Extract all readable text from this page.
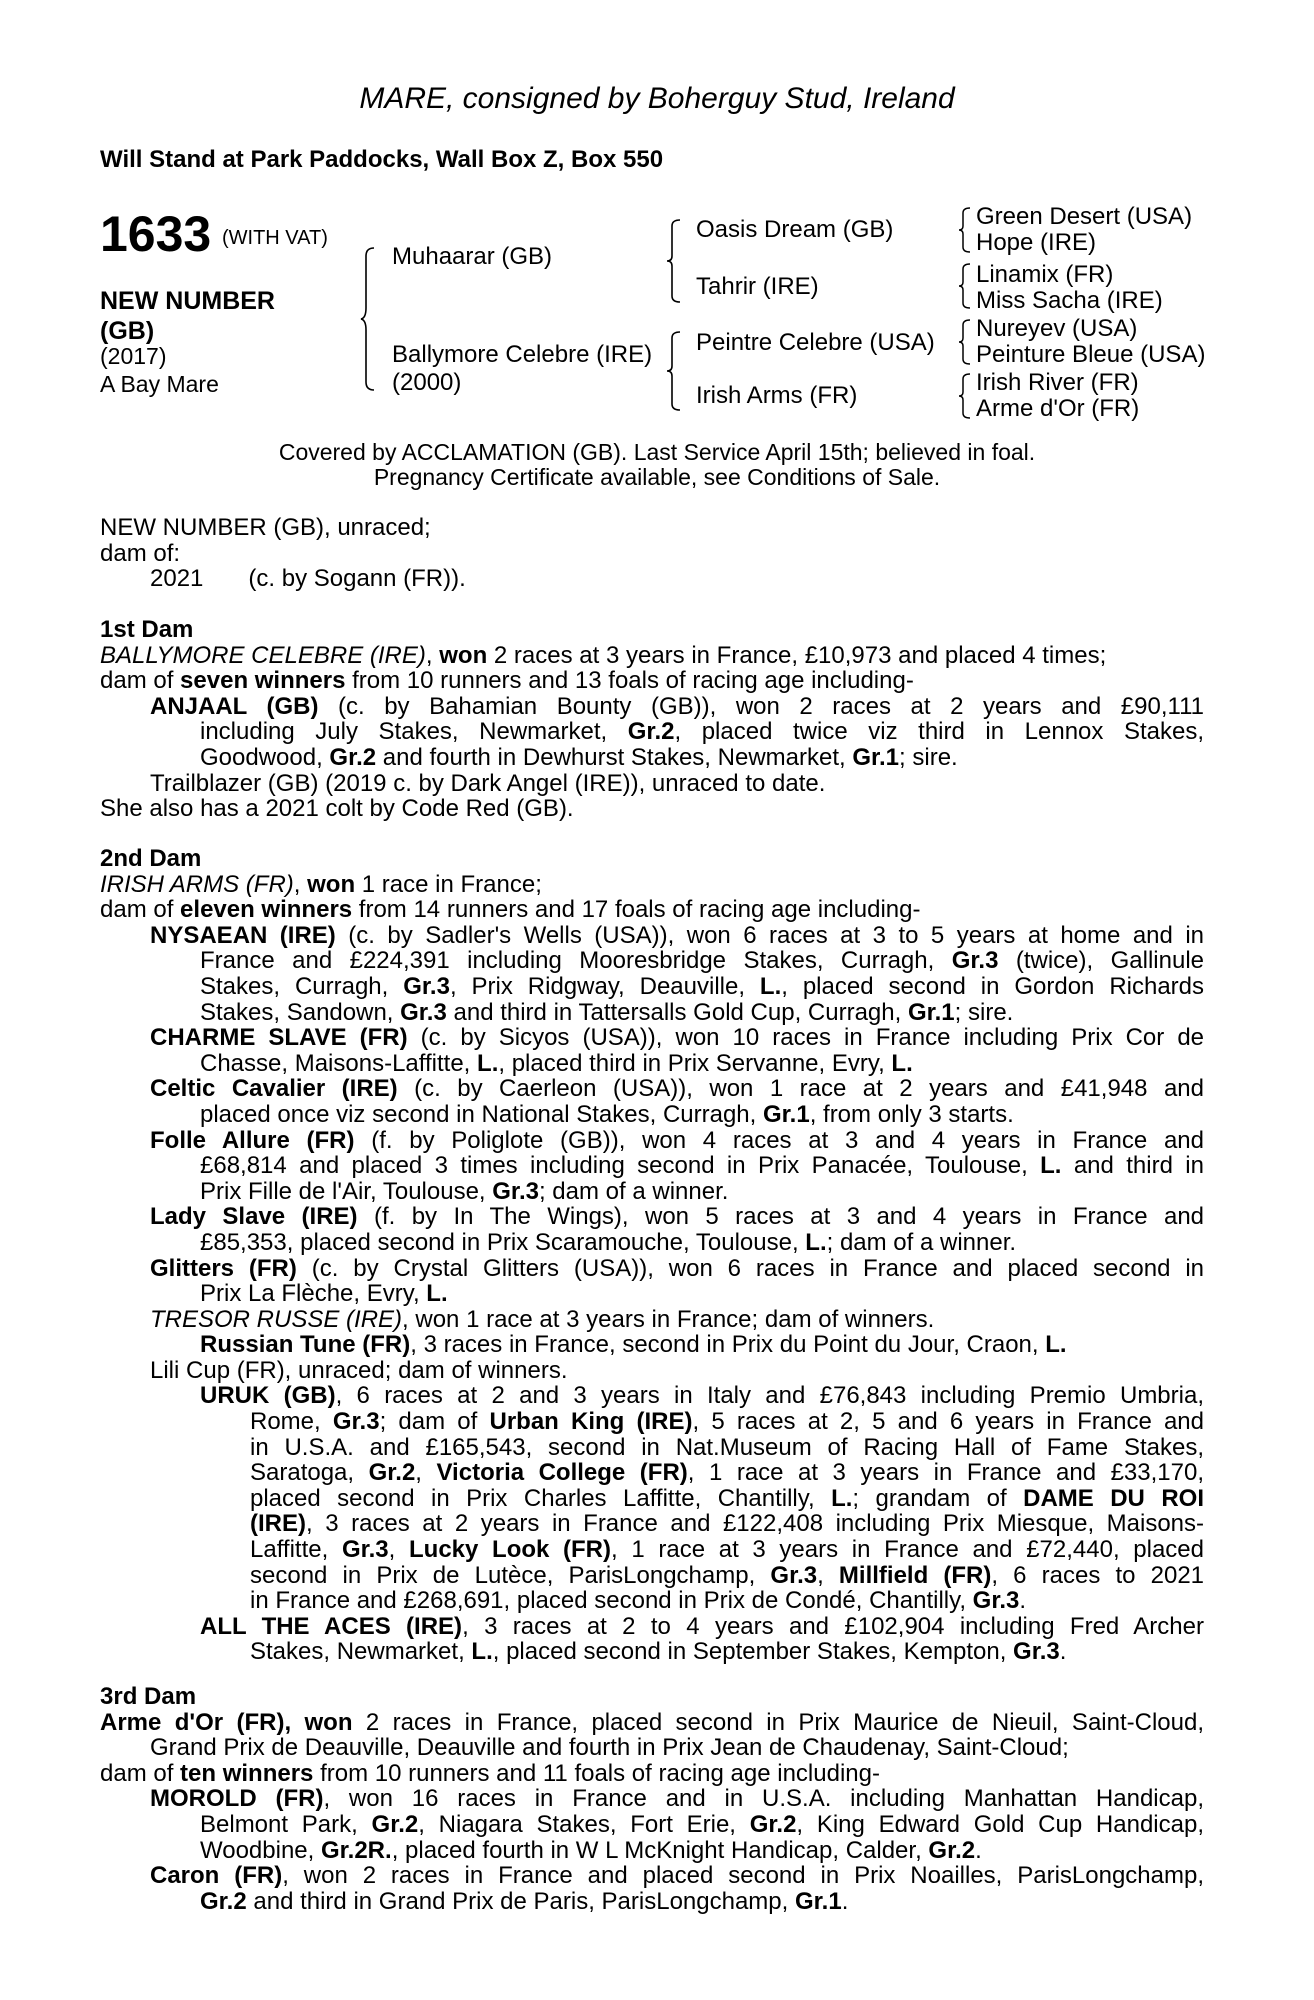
MARE, consigned by Boherguy Stud, Ireland
Will Stand at Park Paddocks, Wall Box Z, Box 550
1633 (WITH VAT)
NEW NUMBER
(GB)
(2017)
A Bay Mare
Muhaarar (GB)
Ballymore Celebre (IRE)
(2000)
Oasis Dream (GB)
Tahrir (IRE)
Peintre Celebre (USA)
Irish Arms (FR)
Green Desert (USA)
Hope (IRE)
Linamix (FR)
Miss Sacha (IRE)
Nureyev (USA)
Peinture Bleue (USA)
Irish River (FR)
Arme d'Or (FR)
Covered by ACCLAMATION (GB). Last Service April 15th; believed in foal.
Pregnancy Certificate available, see Conditions of Sale.
NEW NUMBER (GB), unraced;
dam of:
2021 (c. by Sogann (FR)).
1st Dam
BALLYMORE CELEBRE (IRE), won 2 races at 3 years in France, £10,973 and placed 4 times;
dam of seven winners from 10 runners and 13 foals of racing age including-
ANJAAL (GB) (c. by Bahamian Bounty (GB)), won 2 races at 2 years and £90,111
including July Stakes, Newmarket, Gr.2, placed twice viz third in Lennox Stakes,
Goodwood, Gr.2 and fourth in Dewhurst Stakes, Newmarket, Gr.1; sire.
Trailblazer (GB) (2019 c. by Dark Angel (IRE)), unraced to date.
She also has a 2021 colt by Code Red (GB).
2nd Dam
IRISH ARMS (FR), won 1 race in France;
dam of eleven winners from 14 runners and 17 foals of racing age including-
NYSAEAN (IRE) (c. by Sadler's Wells (USA)), won 6 races at 3 to 5 years at home and in
France and £224,391 including Mooresbridge Stakes, Curragh, Gr.3 (twice), Gallinule
Stakes, Curragh, Gr.3, Prix Ridgway, Deauville, L., placed second in Gordon Richards
Stakes, Sandown, Gr.3 and third in Tattersalls Gold Cup, Curragh, Gr.1; sire.
CHARME SLAVE (FR) (c. by Sicyos (USA)), won 10 races in France including Prix Cor de
Chasse, Maisons-Laffitte, L., placed third in Prix Servanne, Evry, L.
Celtic Cavalier (IRE) (c. by Caerleon (USA)), won 1 race at 2 years and £41,948 and
placed once viz second in National Stakes, Curragh, Gr.1, from only 3 starts.
Folle Allure (FR) (f. by Poliglote (GB)), won 4 races at 3 and 4 years in France and
£68,814 and placed 3 times including second in Prix Panacée, Toulouse, L. and third in
Prix Fille de l'Air, Toulouse, Gr.3; dam of a winner.
Lady Slave (IRE) (f. by In The Wings), won 5 races at 3 and 4 years in France and
£85,353, placed second in Prix Scaramouche, Toulouse, L.; dam of a winner.
Glitters (FR) (c. by Crystal Glitters (USA)), won 6 races in France and placed second in
Prix La Flèche, Evry, L.
TRESOR RUSSE (IRE), won 1 race at 3 years in France; dam of winners.
Russian Tune (FR), 3 races in France, second in Prix du Point du Jour, Craon, L.
Lili Cup (FR), unraced; dam of winners.
URUK (GB), 6 races at 2 and 3 years in Italy and £76,843 including Premio Umbria,
Rome, Gr.3; dam of Urban King (IRE), 5 races at 2, 5 and 6 years in France and
in U.S.A. and £165,543, second in Nat.Museum of Racing Hall of Fame Stakes,
Saratoga, Gr.2, Victoria College (FR), 1 race at 3 years in France and £33,170,
placed second in Prix Charles Laffitte, Chantilly, L.; grandam of DAME DU ROI
(IRE), 3 races at 2 years in France and £122,408 including Prix Miesque, Maisons-
Laffitte, Gr.3, Lucky Look (FR), 1 race at 3 years in France and £72,440, placed
second in Prix de Lutèce, ParisLongchamp, Gr.3, Millfield (FR), 6 races to 2021
in France and £268,691, placed second in Prix de Condé, Chantilly, Gr.3.
ALL THE ACES (IRE), 3 races at 2 to 4 years and £102,904 including Fred Archer
Stakes, Newmarket, L., placed second in September Stakes, Kempton, Gr.3.
3rd Dam
Arme d'Or (FR), won 2 races in France, placed second in Prix Maurice de Nieuil, Saint-Cloud,
Grand Prix de Deauville, Deauville and fourth in Prix Jean de Chaudenay, Saint-Cloud;
dam of ten winners from 10 runners and 11 foals of racing age including-
MOROLD (FR), won 16 races in France and in U.S.A. including Manhattan Handicap,
Belmont Park, Gr.2, Niagara Stakes, Fort Erie, Gr.2, King Edward Gold Cup Handicap,
Woodbine, Gr.2R., placed fourth in W L McKnight Handicap, Calder, Gr.2.
Caron (FR), won 2 races in France and placed second in Prix Noailles, ParisLongchamp,
Gr.2 and third in Grand Prix de Paris, ParisLongchamp, Gr.1.
